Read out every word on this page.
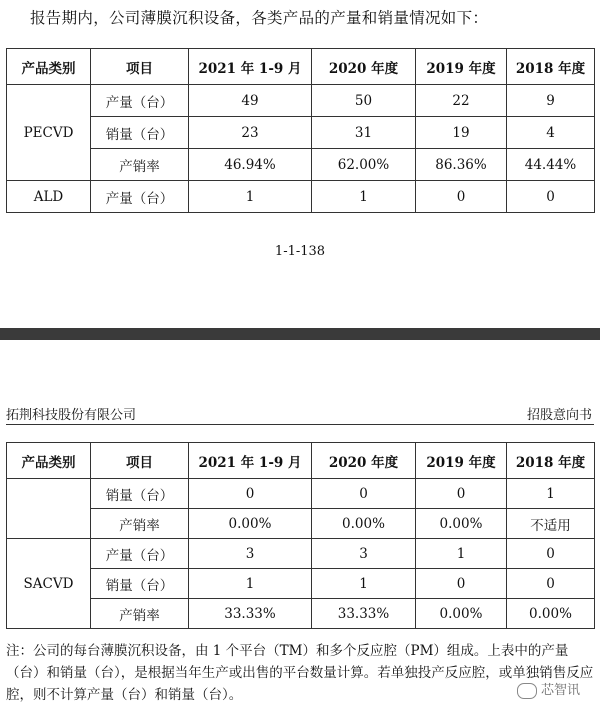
报告期内，公司薄膜沉积设备，各类产品的产量和销量情况如下：
产品类别	项目	2021 年 1-9 月	2020 年度	2019 年度	2018 年度
PECVD	产量（台）	49	50	22	9
	销量（台）	23	31	19	4
	产销率	46.94%	62.00%	86.36%	44.44%
ALD	产量（台）	1	1	0	0
1-1-138
拓荆科技股份有限公司	招股意向书
产品类别	项目	2021 年 1-9 月	2020 年度	2019 年度	2018 年度
	销量（台）	0	0	0	1
	产销率	0.00%	0.00%	0.00%	不适用
SACVD	产量（台）	3	3	1	0
	销量（台）	1	1	0	0
	产销率	33.33%	33.33%	0.00%	0.00%
注：公司的每台薄膜沉积设备，由 1 个平台（TM）和多个反应腔（PM）组成。上表中的产量（台）和销量（台），是根据当年生产或出售的平台数量计算。若单独投产反应腔，或单独销售反应腔，则不计算产量（台）和销量（台）。	芯智讯
